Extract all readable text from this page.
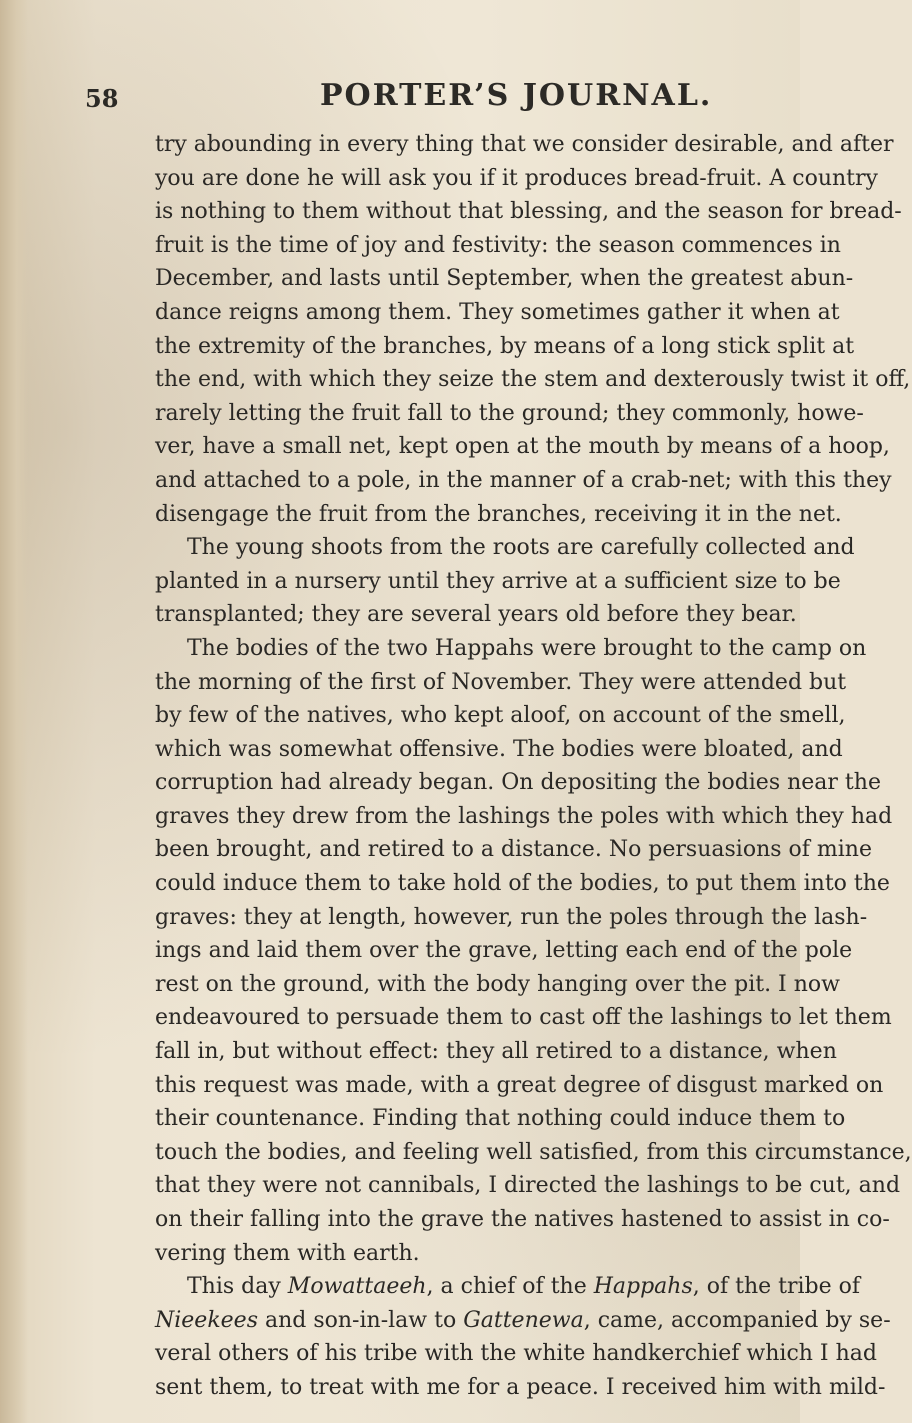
58	PORTER’S JOURNAL.
try abounding in every thing that we consider desirable, and after
you are done he will ask you if it produces bread-fruit. A country
is nothing to them without that blessing, and the season for bread-
fruit is the time of joy and festivity: the season commences in
December, and lasts until September, when the greatest abun-
dance reigns among them. They sometimes gather it when at
the extremity of the branches, by means of a long stick split at
the end, with which they seize the stem and dexterously twist it off,
rarely letting the fruit fall to the ground; they commonly, howe-
ver, have a small net, kept open at the mouth by means of a hoop,
and attached to a pole, in the manner of a crab-net; with this they
disengage the fruit from the branches, receiving it in the net.
The young shoots from the roots are carefully collected and
planted in a nursery until they arrive at a sufficient size to be
transplanted; they are several years old before they bear.
The bodies of the two Happahs were brought to the camp on
the morning of the first of November. They were attended but
by few of the natives, who kept aloof, on account of the smell,
which was somewhat offensive. The bodies were bloated, and
corruption had already began. On depositing the bodies near the
graves they drew from the lashings the poles with which they had
been brought, and retired to a distance. No persuasions of mine
could induce them to take hold of the bodies, to put them into the
graves: they at length, however, run the poles through the lash-
ings and laid them over the grave, letting each end of the pole
rest on the ground, with the body hanging over the pit. I now
endeavoured to persuade them to cast off the lashings to let them
fall in, but without effect: they all retired to a distance, when
this request was made, with a great degree of disgust marked on
their countenance. Finding that nothing could induce them to
touch the bodies, and feeling well satisfied, from this circumstance,
that they were not cannibals, I directed the lashings to be cut, and
on their falling into the grave the natives hastened to assist in co-
vering them with earth.
This day Mowattaeeh, a chief of the Happahs, of the tribe of
Nieekees and son-in-law to Gattenewa, came, accompanied by se-
veral others of his tribe with the white handkerchief which I had
sent them, to treat with me for a peace. I received him with mild-
